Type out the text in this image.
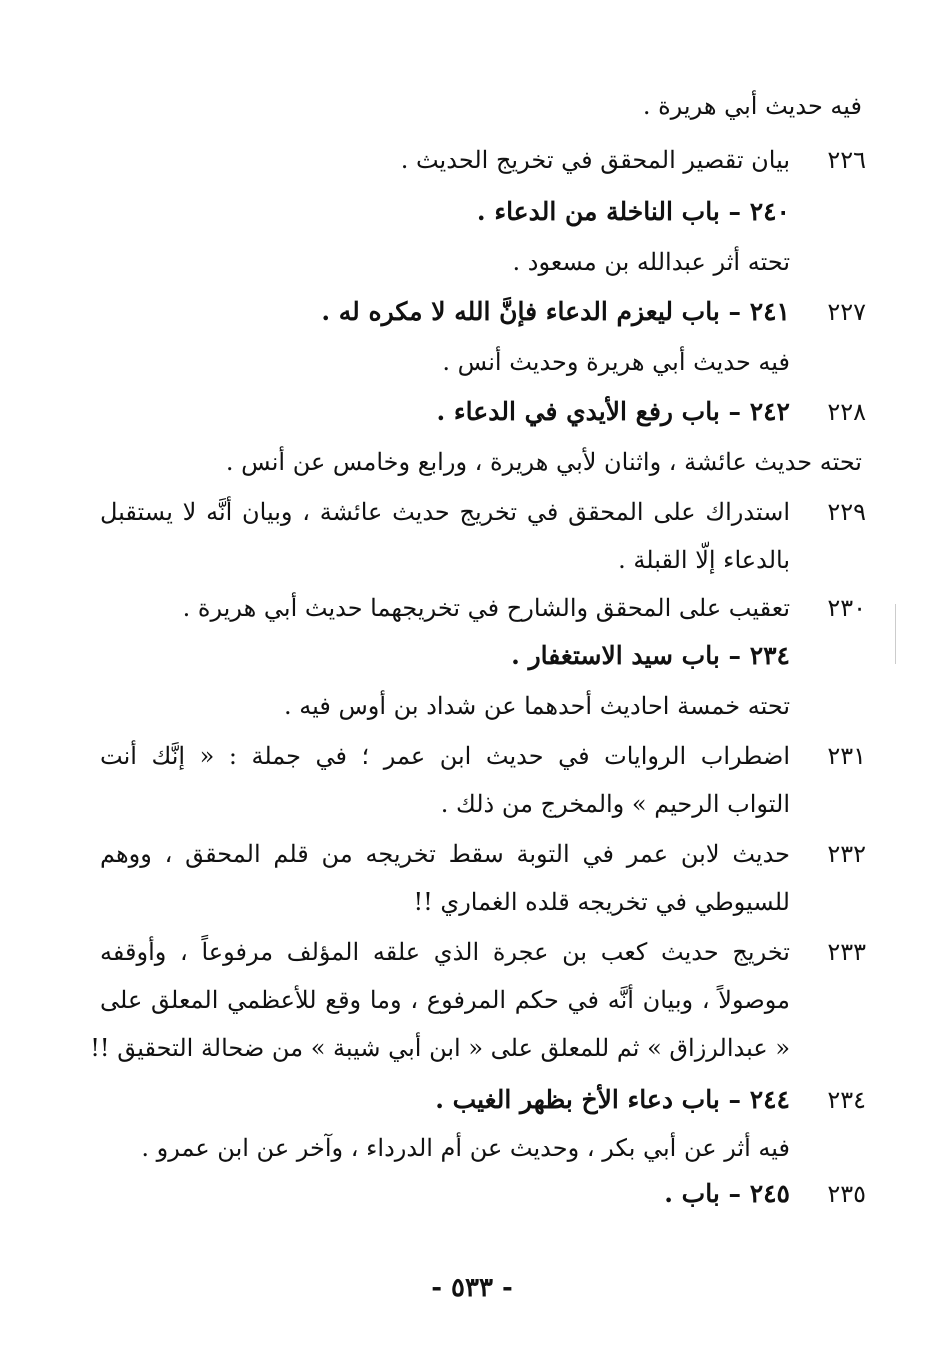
فيه حديث أبي هريرة .
٢٢٦
بيان تقصير المحقق في تخريج الحديث .
٢٤٠ – باب الناخلة من الدعاء .
تحته أثر عبدالله بن مسعود .
٢٢٧
٢٤١ – باب ليعزم الدعاء فإنَّ الله لا مكره له .
فيه حديث أبي هريرة وحديث أنس .
٢٢٨
٢٤٢ – باب رفع الأيدي في الدعاء .
تحته حديث عائشة ، واثنان لأبي هريرة ، ورابع وخامس عن أنس .
٢٢٩
استدراك على المحقق في تخريج حديث عائشة ، وبيان أنَّه لا يستقبل
بالدعاء إلّا القبلة .
٢٣٠
تعقيب على المحقق والشارح في تخريجهما حديث أبي هريرة .
٢٣٤ – باب سيد الاستغفار .
تحته خمسة احاديث أحدهما عن شداد بن أوس فيه .
٢٣١
اضطراب الروايات في حديث ابن عمر ؛ في جملة : « إنَّك أنت
التواب الرحيم » والمخرج من ذلك .
٢٣٢
حديث لابن عمر في التوبة سقط تخريجه من قلم المحقق ، ووهم
للسيوطي في تخريجه قلده الغماري !!
٢٣٣
تخريج حديث كعب بن عجرة الذي علقه المؤلف مرفوعاً ، وأوقفه
موصولاً ، وبيان أنَّه في حكم المرفوع ، وما وقع للأعظمي المعلق على
« عبدالرزاق » ثم للمعلق على « ابن أبي شيبة » من ضحالة التحقيق !!
٢٣٤
٢٤٤ – باب دعاء الأخ بظهر الغيب .
فيه أثر عن أبي بكر ، وحديث عن أم الدرداء ، وآخر عن ابن عمرو .
٢٣٥
٢٤٥ – باب .
- ٥٣٣ -
